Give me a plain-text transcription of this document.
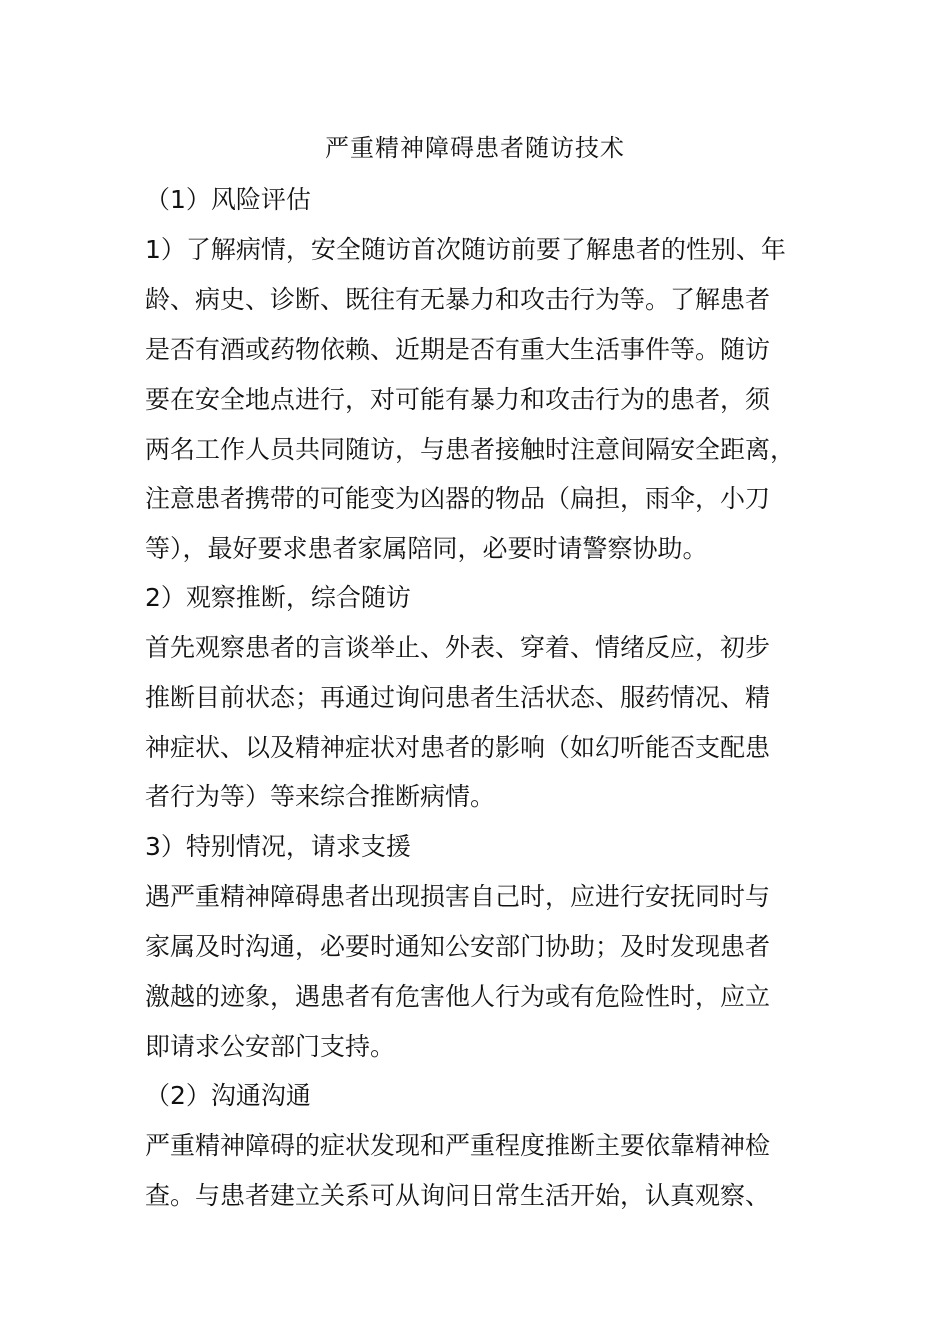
严重精神障碍患者随访技术
（1）风险评估
1）了解病情，安全随访首次随访前要了解患者的性别、年
龄、病史、诊断、既往有无暴力和攻击行为等。了解患者
是否有酒或药物依赖、近期是否有重大生活事件等。随访
要在安全地点进行，对可能有暴力和攻击行为的患者，须
两名工作人员共同随访，与患者接触时注意间隔安全距离，
注意患者携带的可能变为凶器的物品（扁担，雨伞，小刀
等），最好要求患者家属陪同，必要时请警察协助。
2）观察推断，综合随访
首先观察患者的言谈举止、外表、穿着、情绪反应，初步
推断目前状态；再通过询问患者生活状态、服药情况、精
神症状、以及精神症状对患者的影响（如幻听能否支配患
者行为等）等来综合推断病情。
3）特别情况，请求支援
遇严重精神障碍患者出现损害自己时，应进行安抚同时与
家属及时沟通，必要时通知公安部门协助；及时发现患者
激越的迹象，遇患者有危害他人行为或有危险性时，应立
即请求公安部门支持。
（2）沟通沟通
严重精神障碍的症状发现和严重程度推断主要依靠精神检
查。与患者建立关系可从询问日常生活开始，认真观察、
